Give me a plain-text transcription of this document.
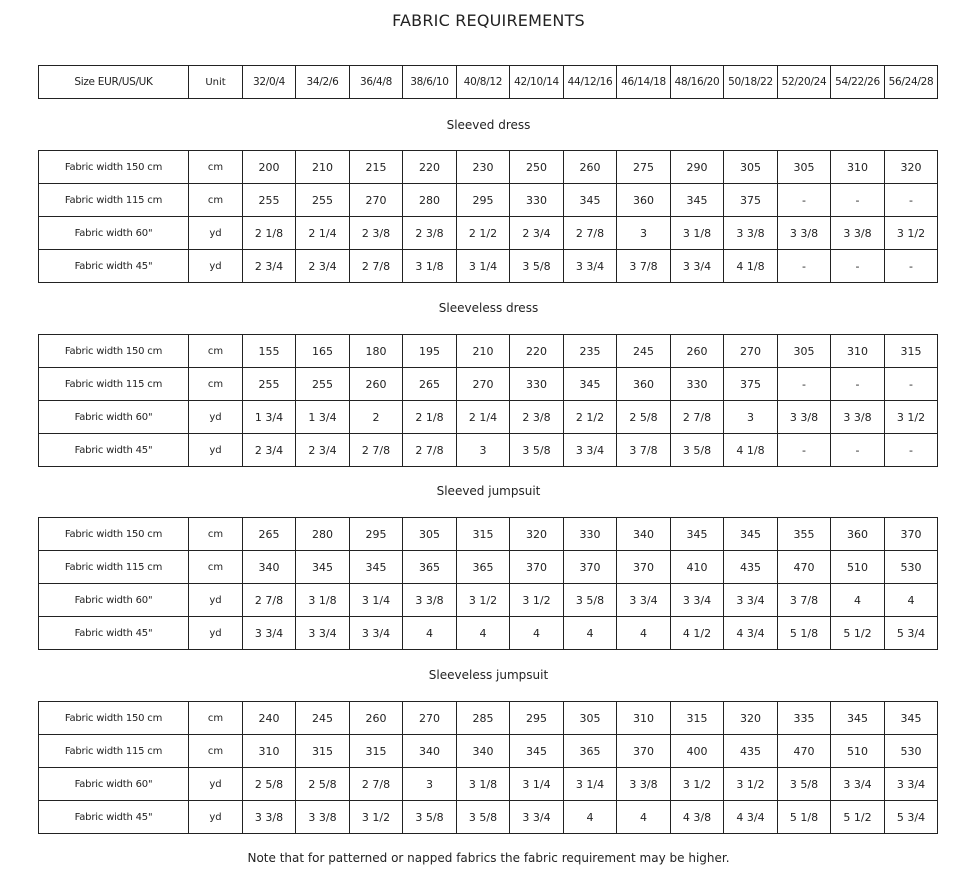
FABRIC REQUIREMENTS
Size EUR/US/UK	Unit	32/0/4	34/2/6	36/4/8	38/6/10	40/8/12	42/10/14	44/12/16	46/14/18	48/16/20	50/18/22	52/20/24	54/22/26	56/24/28
Sleeved dress
Fabric width 150 cm	cm	200	210	215	220	230	250	260	275	290	305	305	310	320
Fabric width 115 cm	cm	255	255	270	280	295	330	345	360	345	375	-	-	-
Fabric width 60"	yd	2 1/8	2 1/4	2 3/8	2 3/8	2 1/2	2 3/4	2 7/8	3	3 1/8	3 3/8	3 3/8	3 3/8	3 1/2
Fabric width 45"	yd	2 3/4	2 3/4	2 7/8	3 1/8	3 1/4	3 5/8	3 3/4	3 7/8	3 3/4	4 1/8	-	-	-
Sleeveless dress
Fabric width 150 cm	cm	155	165	180	195	210	220	235	245	260	270	305	310	315
Fabric width 115 cm	cm	255	255	260	265	270	330	345	360	330	375	-	-	-
Fabric width 60"	yd	1 3/4	1 3/4	2	2 1/8	2 1/4	2 3/8	2 1/2	2 5/8	2 7/8	3	3 3/8	3 3/8	3 1/2
Fabric width 45"	yd	2 3/4	2 3/4	2 7/8	2 7/8	3	3 5/8	3 3/4	3 7/8	3 5/8	4 1/8	-	-	-
Sleeved jumpsuit
Fabric width 150 cm	cm	265	280	295	305	315	320	330	340	345	345	355	360	370
Fabric width 115 cm	cm	340	345	345	365	365	370	370	370	410	435	470	510	530
Fabric width 60"	yd	2 7/8	3 1/8	3 1/4	3 3/8	3 1/2	3 1/2	3 5/8	3 3/4	3 3/4	3 3/4	3 7/8	4	4
Fabric width 45"	yd	3 3/4	3 3/4	3 3/4	4	4	4	4	4	4 1/2	4 3/4	5 1/8	5 1/2	5 3/4
Sleeveless jumpsuit
Fabric width 150 cm	cm	240	245	260	270	285	295	305	310	315	320	335	345	345
Fabric width 115 cm	cm	310	315	315	340	340	345	365	370	400	435	470	510	530
Fabric width 60"	yd	2 5/8	2 5/8	2 7/8	3	3 1/8	3 1/4	3 1/4	3 3/8	3 1/2	3 1/2	3 5/8	3 3/4	3 3/4
Fabric width 45"	yd	3 3/8	3 3/8	3 1/2	3 5/8	3 5/8	3 3/4	4	4	4 3/8	4 3/4	5 1/8	5 1/2	5 3/4
Note that for patterned or napped fabrics the fabric requirement may be higher.
